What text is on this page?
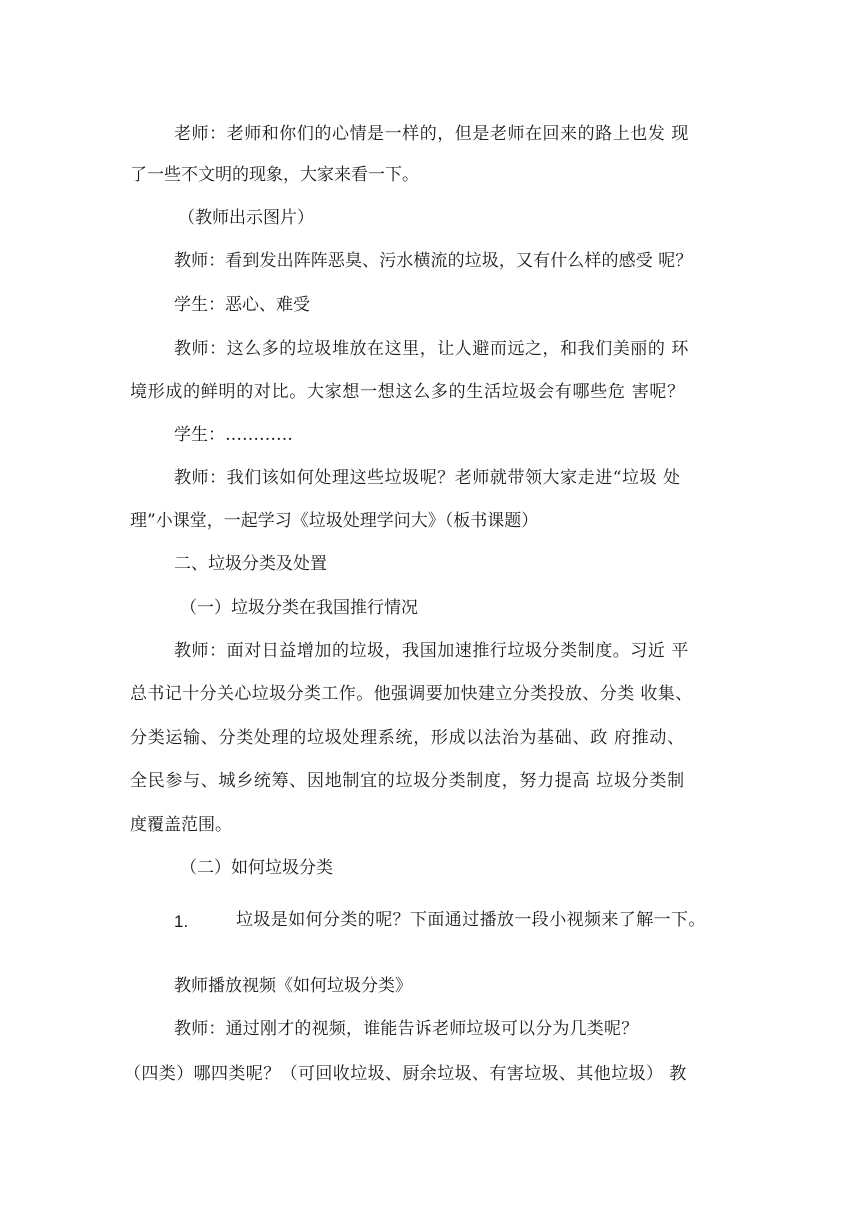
老师：老师和你们的心情是一样的，但是老师在回来的路上也发 现
了一些不文明的现象，大家来看一下。
（教师出示图片）
教师：看到发出阵阵恶臭、污水横流的垃圾，又有什么样的感受 呢？
学生：恶心、难受
教师：这么多的垃圾堆放在这里，让人避而远之，和我们美丽的 环
境形成的鲜明的对比。大家想一想这么多的生活垃圾会有哪些危 害呢？
学生：…………
教师：我们该如何处理这些垃圾呢？老师就带领大家走进“垃圾 处
理”小课堂，一起学习《垃圾处理学问大》（板书课题）
二、垃圾分类及处置
（一）垃圾分类在我国推行情况
教师：面对日益增加的垃圾，我国加速推行垃圾分类制度。习近 平
总书记十分关心垃圾分类工作。他强调要加快建立分类投放、分类 收集、
分类运输、分类处理的垃圾处理系统，形成以法治为基础、政 府推动、
全民参与、城乡统筹、因地制宜的垃圾分类制度，努力提高 垃圾分类制
度覆盖范围。
（二）如何垃圾分类
1.	垃圾是如何分类的呢？下面通过播放一段小视频来了解一下。
教师播放视频《如何垃圾分类》
教师：通过刚才的视频，谁能告诉老师垃圾可以分为几类呢？
（四类）哪四类呢？（可回收垃圾、厨余垃圾、有害垃圾、其他垃圾） 教
